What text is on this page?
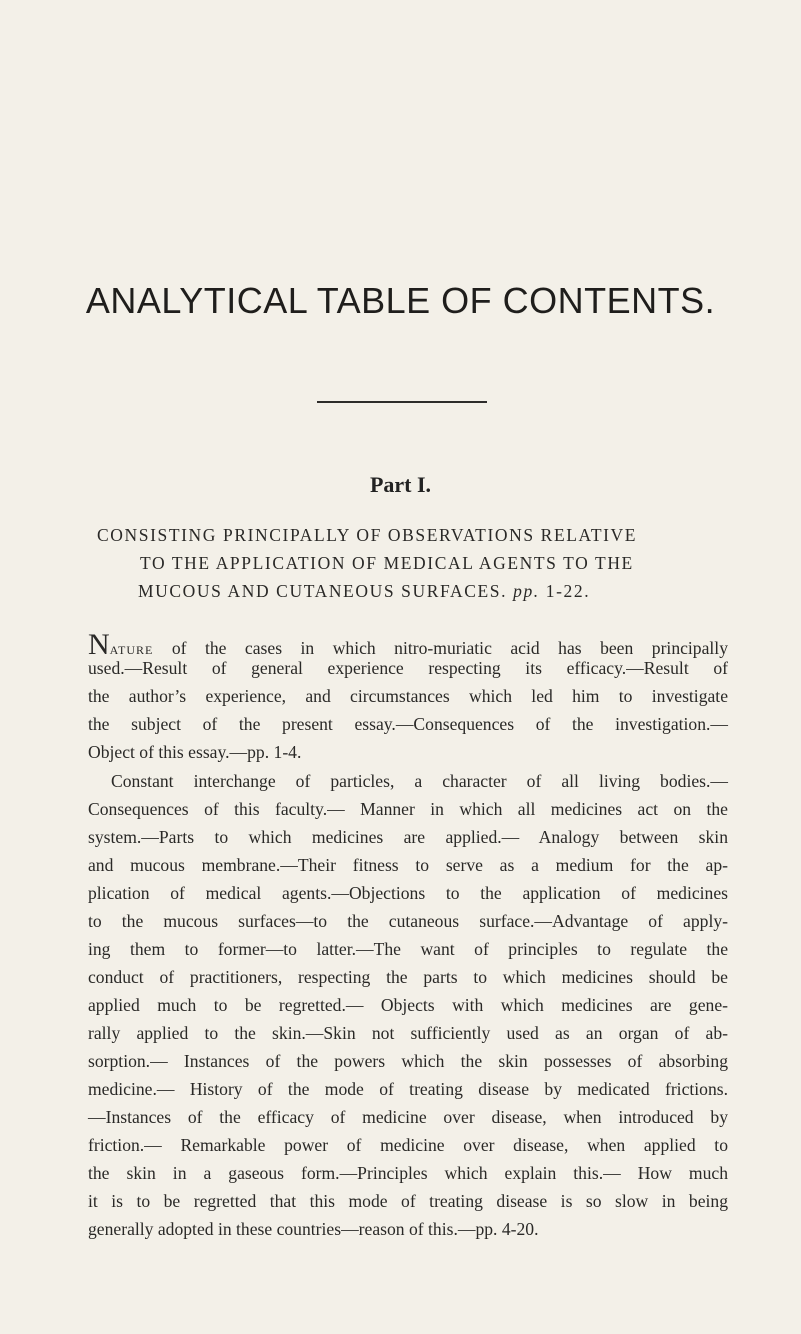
ANALYTICAL TABLE OF CONTENTS.
Part I.
CONSISTING PRINCIPALLY OF OBSERVATIONS RELATIVE
TO THE APPLICATION OF MEDICAL AGENTS TO THE
MUCOUS AND CUTANEOUS SURFACES. pp. 1-22.
Nature of the cases in which nitro-muriatic acid has been principally
used.—Result of general experience respecting its efficacy.—Result of
the author’s experience, and circumstances which led him to investigate
the subject of the present essay.—Consequences of the investigation.—
Object of this essay.—pp. 1-4.
Constant interchange of particles, a character of all living bodies.—
Consequences of this faculty.— Manner in which all medicines act on the
system.—Parts to which medicines are applied.— Analogy between skin
and mucous membrane.—Their fitness to serve as a medium for the ap-
plication of medical agents.—Objections to the application of medicines
to the mucous surfaces—to the cutaneous surface.—Advantage of apply-
ing them to former—to latter.—The want of principles to regulate the
conduct of practitioners, respecting the parts to which medicines should be
applied much to be regretted.— Objects with which medicines are gene-
rally applied to the skin.—Skin not sufficiently used as an organ of ab-
sorption.— Instances of the powers which the skin possesses of absorbing
medicine.— History of the mode of treating disease by medicated frictions.
—Instances of the efficacy of medicine over disease, when introduced by
friction.— Remarkable power of medicine over disease, when applied to
the skin in a gaseous form.—Principles which explain this.— How much
it is to be regretted that this mode of treating disease is so slow in being
generally adopted in these countries—reason of this.—pp. 4-20.
